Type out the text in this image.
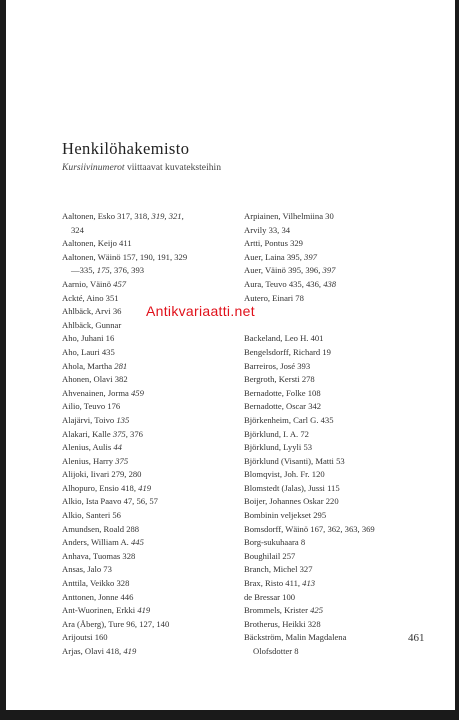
Henkilöhakemisto
Kursiivinumerot viittaavat kuvateksteihin
Aaltonen, Esko 317, 318, 319, 321,
324
Aaltonen, Keijo 411
Aaltonen, Wäinö 157, 190, 191, 329
—335, 175, 376, 393
Aarnio, Väinö 457
Ackté, Aino 351
Ahlbäck, Arvi 36
Ahlbäck, Gunnar
Aho, Juhani 16
Aho, Lauri 435
Ahola, Martha 281
Ahonen, Olavi 382
Ahvenainen, Jorma 459
Ailio, Teuvo 176
Alajärvi, Toivo 135
Alakari, Kalle 375, 376
Alenius, Aulis 44
Alenius, Harry 375
Alijoki, Iivari 279, 280
Alhopuro, Ensio 418, 419
Alkio, Ista Paavo 47, 56, 57
Alkio, Santeri 56
Amundsen, Roald 288
Anders, William A. 445
Anhava, Tuomas 328
Ansas, Jalo 73
Anttila, Veikko 328
Anttonen, Jonne 446
Ant-Wuorinen, Erkki 419
Ara (Åberg), Ture 96, 127, 140
Arijoutsi 160
Arjas, Olavi 418, 419
Arpiainen, Vilhelmiina 30
Arvily 33, 34
Artti, Pontus 329
Auer, Laina 395, 397
Auer, Väinö 395, 396, 397
Aura, Teuvo 435, 436, 438
Autero, Einari 78
Backeland, Leo H. 401
Bengelsdorff, Richard 19
Barreiros, José 393
Bergroth, Kersti 278
Bernadotte, Folke 108
Bernadotte, Oscar 342
Björkenheim, Carl G. 435
Björklund, I. A. 72
Björklund, Lyyli 53
Björklund (Visanti), Matti 53
Blomqvist, Joh. Fr. 120
Blomstedt (Jalas), Jussi 115
Boijer, Johannes Oskar 220
Bombinin veljekset 295
Bomsdorff, Wäinö 167, 362, 363, 369
Borg-sukuhaara 8
Boughilail 257
Branch, Michel 327
Brax, Risto 411, 413
de Bressar 100
Brommels, Krister 425
Brotherus, Heikki 328
Bäckström, Malin Magdalena
Olofsdotter 8
Antikvariaatti.net
461
